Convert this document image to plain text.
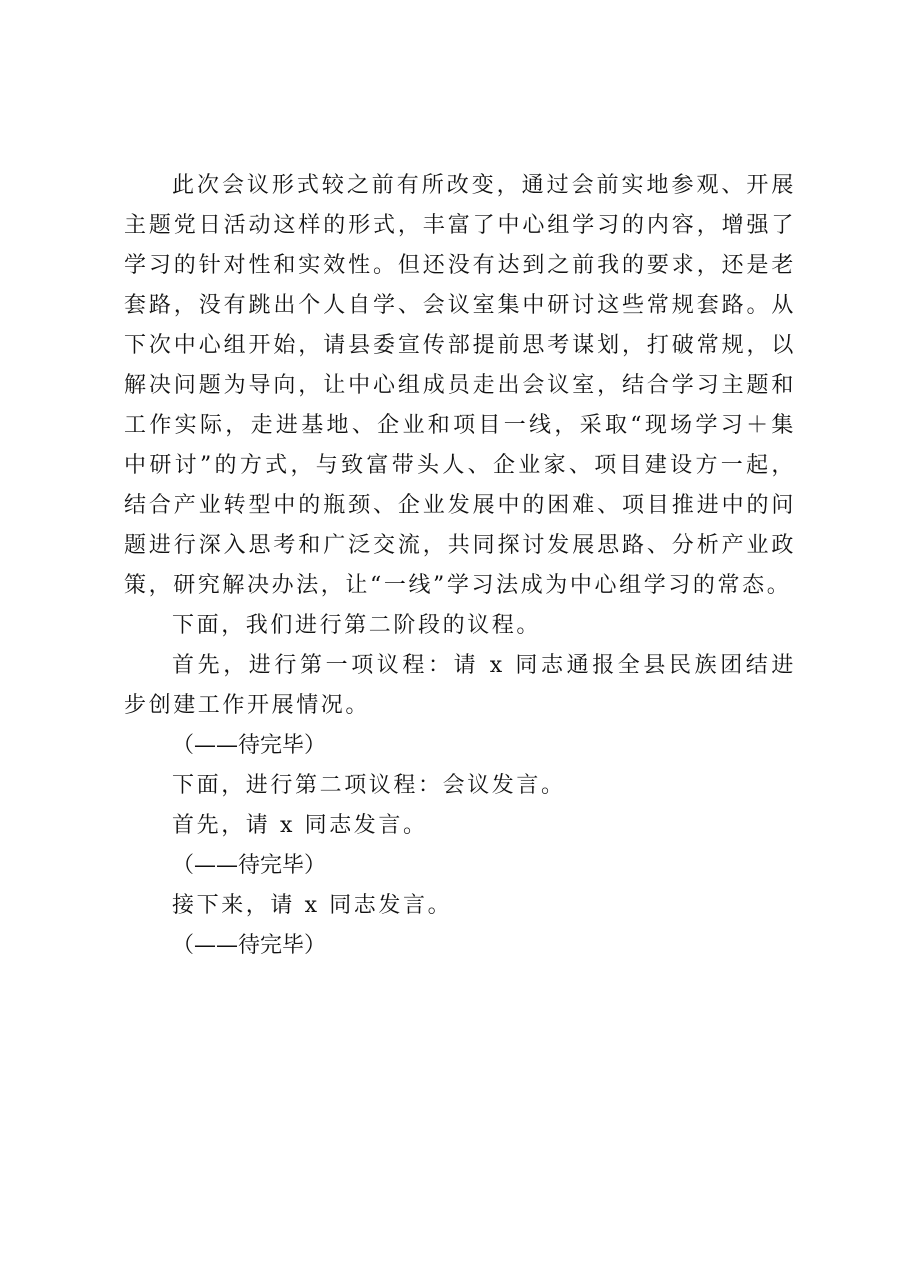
此次会议形式较之前有所改变，通过会前实地参观、开展主题党日活动这样的形式，丰富了中心组学习的内容，增强了学习的针对性和实效性。但还没有达到之前我的要求，还是老套路，没有跳出个人自学、会议室集中研讨这些常规套路。从下次中心组开始，请县委宣传部提前思考谋划，打破常规，以解决问题为导向，让中心组成员走出会议室，结合学习主题和工作实际，走进基地、企业和项目一线，采取“现场学习＋集中研讨”的方式，与致富带头人、企业家、项目建设方一起，结合产业转型中的瓶颈、企业发展中的困难、项目推进中的问题进行深入思考和广泛交流，共同探讨发展思路、分析产业政策，研究解决办法，让“一线”学习法成为中心组学习的常态。

下面，我们进行第二阶段的议程。

首先，进行第一项议程：请 x 同志通报全县民族团结进步创建工作开展情况。

（——待完毕）

下面，进行第二项议程：会议发言。

首先，请 x 同志发言。

（——待完毕）

接下来，请 x 同志发言。

（——待完毕）
